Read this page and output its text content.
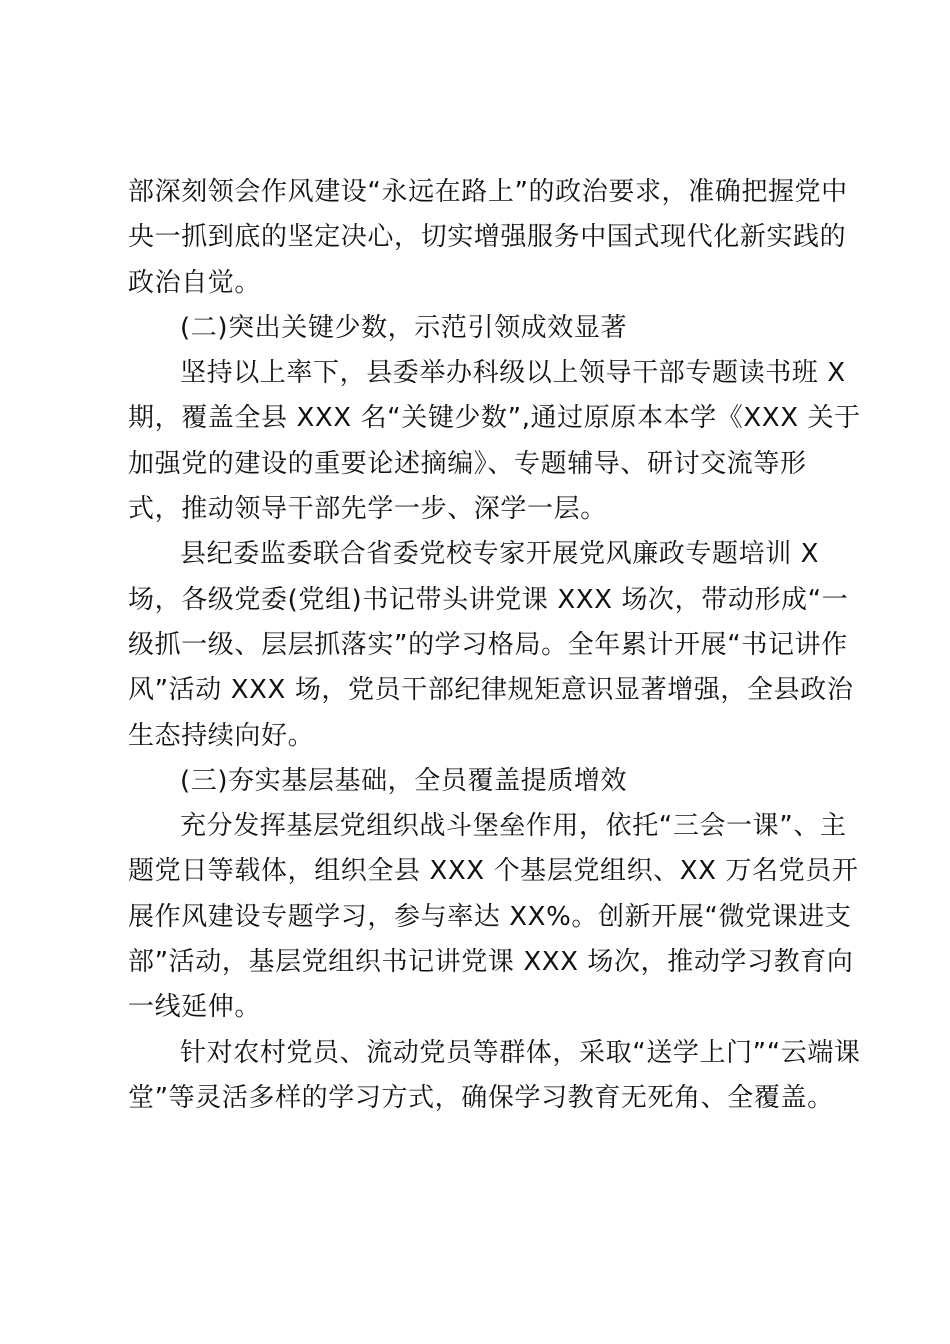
部深刻领会作风建设“永远在路上”的政治要求，准确把握党中
央一抓到底的坚定决心，切实增强服务中国式现代化新实践的
政治自觉。
(二)突出关键少数，示范引领成效显著
坚持以上率下，县委举办科级以上领导干部专题读书班 X
期，覆盖全县 XXX 名“关键少数”,通过原原本本学《XXX 关于
加强党的建设的重要论述摘编》、专题辅导、研讨交流等形
式，推动领导干部先学一步、深学一层。
县纪委监委联合省委党校专家开展党风廉政专题培训 X
场，各级党委(党组)书记带头讲党课 XXX 场次，带动形成“一
级抓一级、层层抓落实”的学习格局。全年累计开展“书记讲作
风”活动 XXX 场，党员干部纪律规矩意识显著增强，全县政治
生态持续向好。
(三)夯实基层基础，全员覆盖提质增效
充分发挥基层党组织战斗堡垒作用，依托“三会一课”、主
题党日等载体，组织全县 XXX 个基层党组织、XX 万名党员开
展作风建设专题学习，参与率达 XX%。创新开展“微党课进支
部”活动，基层党组织书记讲党课 XXX 场次，推动学习教育向
一线延伸。
针对农村党员、流动党员等群体，采取“送学上门”“云端课
堂”等灵活多样的学习方式，确保学习教育无死角、全覆盖。
